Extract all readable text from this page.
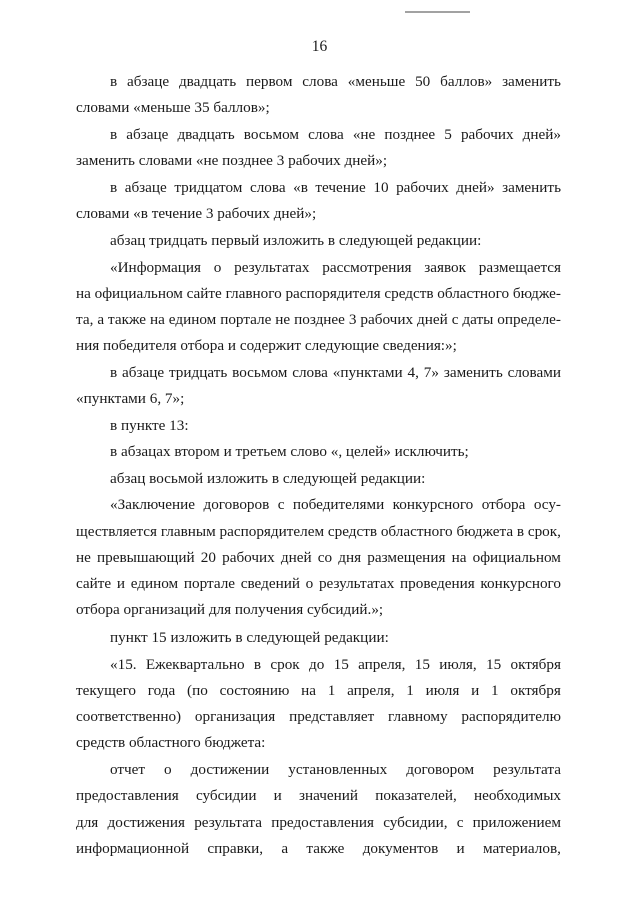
16
в абзаце двадцать первом слова «меньше 50 баллов» заменить
словами «меньше 35 баллов»;
в абзаце двадцать восьмом слова «не позднее 5 рабочих дней»
заменить словами «не позднее 3 рабочих дней»;
в абзаце тридцатом слова «в течение 10 рабочих дней» заменить
словами «в течение 3 рабочих дней»;
абзац тридцать первый изложить в следующей редакции:
«Информация о результатах рассмотрения заявок размещается
на официальном сайте главного распорядителя средств областного бюдже-
та, а также на едином портале не позднее 3 рабочих дней с даты определе-
ния победителя отбора и содержит следующие сведения:»;
в абзаце тридцать восьмом слова «пунктами 4, 7» заменить словами
«пунктами 6, 7»;
в пункте 13:
в абзацах втором и третьем слово «, целей» исключить;
абзац восьмой изложить в следующей редакции:
«Заключение договоров с победителями конкурсного отбора осу-
ществляется главным распорядителем средств областного бюджета в срок,
не превышающий 20 рабочих дней со дня размещения на официальном
сайте и едином портале сведений о результатах проведения конкурсного
отбора организаций для получения субсидий.»;
пункт 15 изложить в следующей редакции:
«15. Ежеквартально в срок до 15 апреля, 15 июля, 15 октября
текущего года (по состоянию на 1 апреля, 1 июля и 1 октября
соответственно) организация представляет главному распорядителю
средств областного бюджета:
отчет о достижении установленных договором результата
предоставления субсидии и значений показателей, необходимых
для достижения результата предоставления субсидии, с приложением
информационной справки, а также документов и материалов,
